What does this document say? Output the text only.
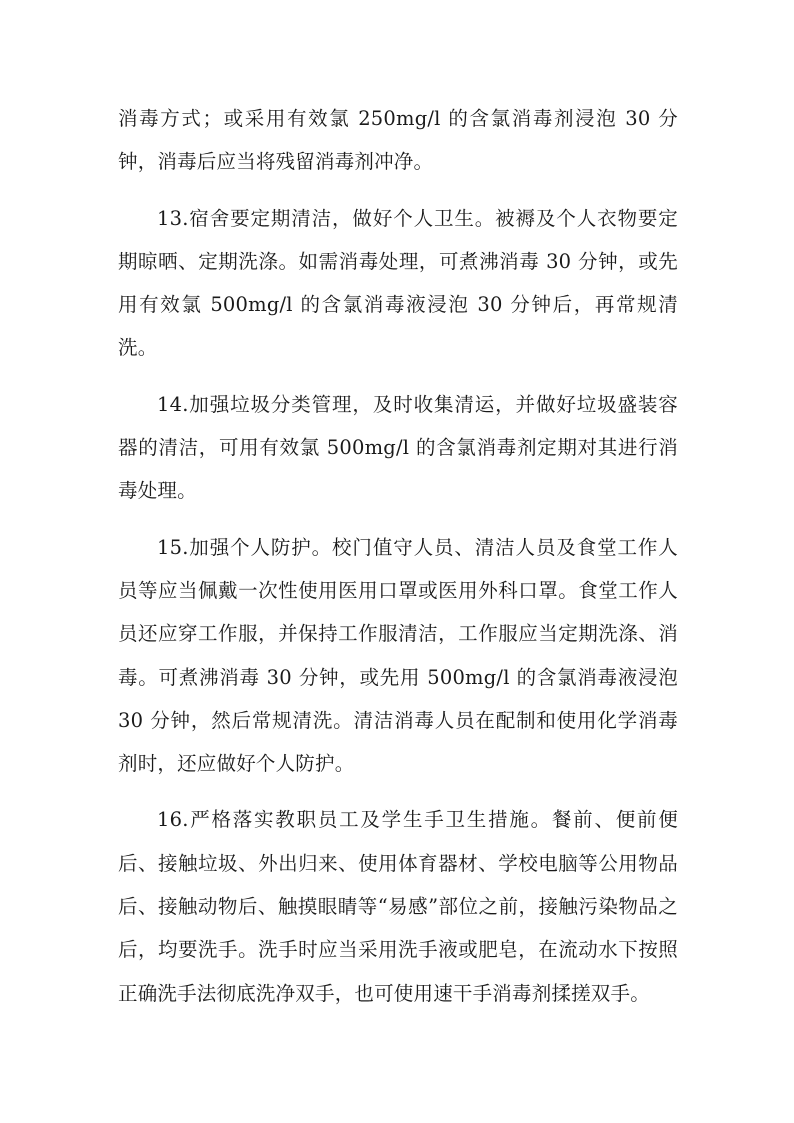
消毒方式；或采用有效氯 250mg/l 的含氯消毒剂浸泡 30 分钟，消毒后应当将残留消毒剂冲净。

13.宿舍要定期清洁，做好个人卫生。被褥及个人衣物要定期晾晒、定期洗涤。如需消毒处理，可煮沸消毒 30 分钟，或先用有效氯 500mg/l 的含氯消毒液浸泡 30 分钟后，再常规清洗。

14.加强垃圾分类管理，及时收集清运，并做好垃圾盛装容器的清洁，可用有效氯 500mg/l 的含氯消毒剂定期对其进行消毒处理。

15.加强个人防护。校门值守人员、清洁人员及食堂工作人员等应当佩戴一次性使用医用口罩或医用外科口罩。食堂工作人员还应穿工作服，并保持工作服清洁，工作服应当定期洗涤、消毒。可煮沸消毒 30 分钟，或先用 500mg/l 的含氯消毒液浸泡 30 分钟，然后常规清洗。清洁消毒人员在配制和使用化学消毒剂时，还应做好个人防护。

16.严格落实教职员工及学生手卫生措施。餐前、便前便后、接触垃圾、外出归来、使用体育器材、学校电脑等公用物品后、接触动物后、触摸眼睛等“易感”部位之前，接触污染物品之后，均要洗手。洗手时应当采用洗手液或肥皂，在流动水下按照正确洗手法彻底洗净双手，也可使用速干手消毒剂揉搓双手。
